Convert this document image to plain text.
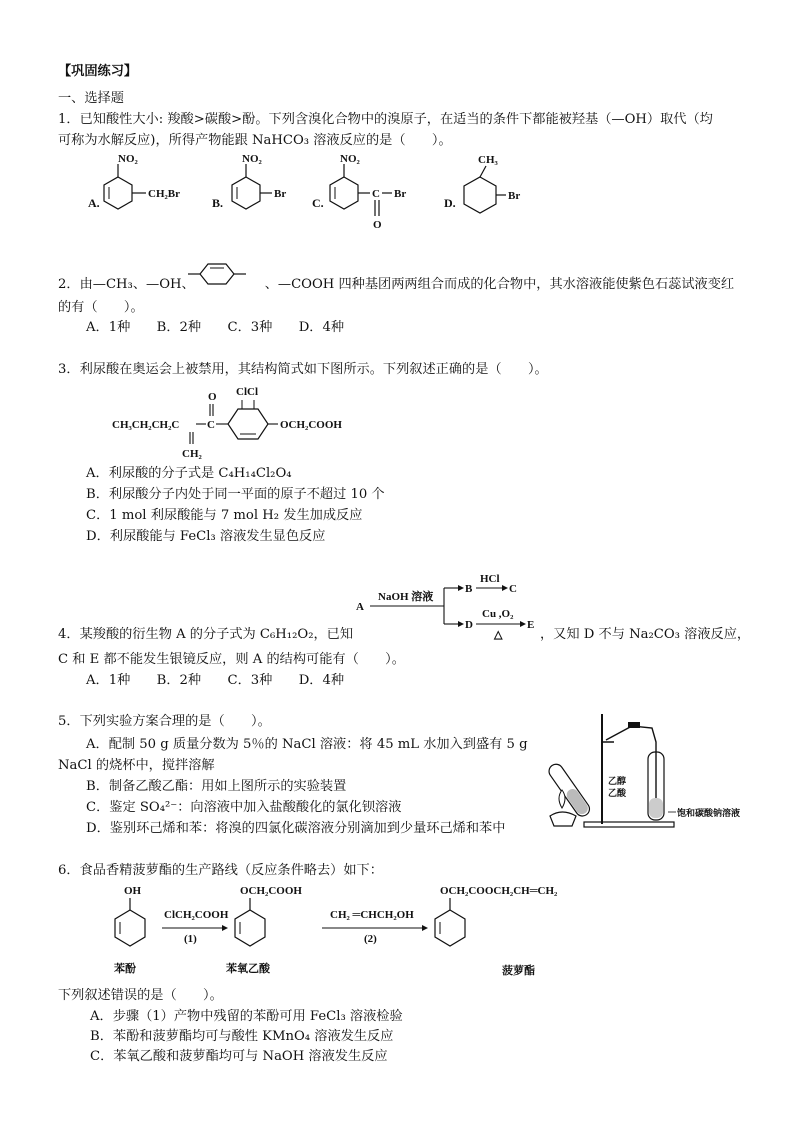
【巩固练习】
一、选择题
1．已知酸性大小: 羧酸>碳酸>酚。下列含溴化合物中的溴原子，在适当的条件下都能被羟基（—OH）取代（均
可称为水解反应)，所得产物能跟 NaHCO₃ 溶液反应的是（　　）。
A.
NO₂
CH₂Br
B.
NO₂
Br
C.
C
O
Br
NO₂
D.
CH₃
Br
2．由—CH₃、—OH、	、—COOH 四种基团两两组合而成的化合物中，其水溶液能使紫色石蕊试液变红
的有（　　）。
A．1种　　B．2种　　C．3种　　D．4种
3．利尿酸在奥运会上被禁用，其结构简式如下图所示。下列叙述正确的是（　　）。
CH₃CH₂CH₂C
CH₂
C
O ClCl
OCH₂COOH
A．利尿酸的分子式是 C₄H₁₄Cl₂O₄
B．利尿酸分子内处于同一平面的原子不超过 10 个
C．1 mol 利尿酸能与 7 mol H₂ 发生加成反应
D．利尿酸能与 FeCl₃ 溶液发生显色反应
A
NaOH 溶液
B
HCl
C
D
Cu ,O₂
△
E
4．某羧酸的衍生物 A 的分子式为 C₆H₁₂O₂，已知	，又知 D 不与 Na₂CO₃ 溶液反应，
C 和 E 都不能发生银镜反应，则 A 的结构可能有（　　）。
A．1种　　B．2种　　C．3种　　D．4种
5．下列实验方案合理的是（　　）。
A．配制 50 g 质量分数为 5％的 NaCl 溶液：将 45 mL 水加入到盛有 5 g
NaCl 的烧杯中，搅拌溶解
B．制备乙酸乙酯：用如上图所示的实验装置
C．鉴定 SO₄²⁻：向溶液中加入盐酸酸化的氯化钡溶液
D．鉴别环己烯和苯：将溴的四氯化碳溶液分别滴加到少量环己烯和苯中
乙醇
乙酸
饱和碳酸钠溶液
6．食品香精菠萝酯的生产路线（反应条件略去）如下：
OH
苯酚
ClCH₂COOH
(1)
OCH₂COOH
苯氧乙酸
CH₂ ═CHCH₂OH
(2)
OCH₂COOCH₂CH═CH₂
菠萝酯
下列叙述错误的是（　　）。
A．步骤（1）产物中残留的苯酚可用 FeCl₃ 溶液检验
B．苯酚和菠萝酯均可与酸性 KMnO₄ 溶液发生反应
C．苯氧乙酸和菠萝酯均可与 NaOH 溶液发生反应
